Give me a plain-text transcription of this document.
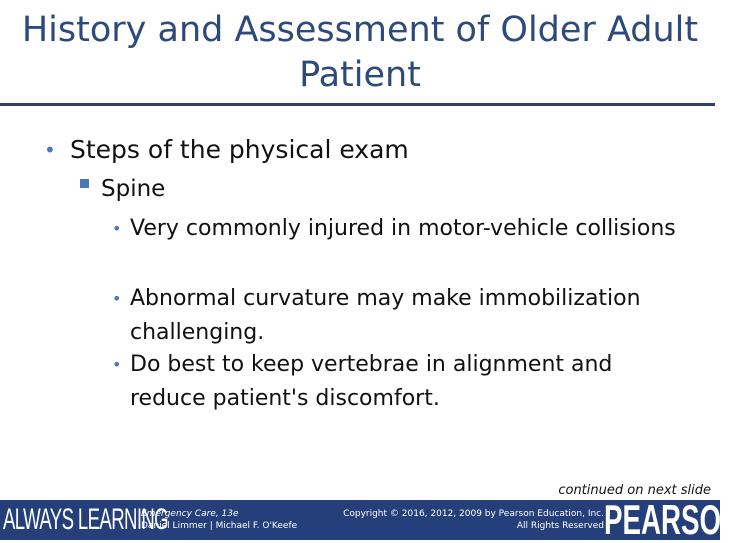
History and Assessment of Older Adult Patient
• Steps of the physical exam
Spine
• Very commonly injured in motor-vehicle collisions
• Abnormal curvature may make immobilization challenging.
• Do best to keep vertebrae in alignment and reduce patient's discomfort.
continued on next slide
ALWAYS LEARNING
Emergency Care, 13e
Daniel Limmer | Michael F. O'Keefe
Copyright © 2016, 2012, 2009 by Pearson Education, Inc.
All Rights Reserved PEARSON
